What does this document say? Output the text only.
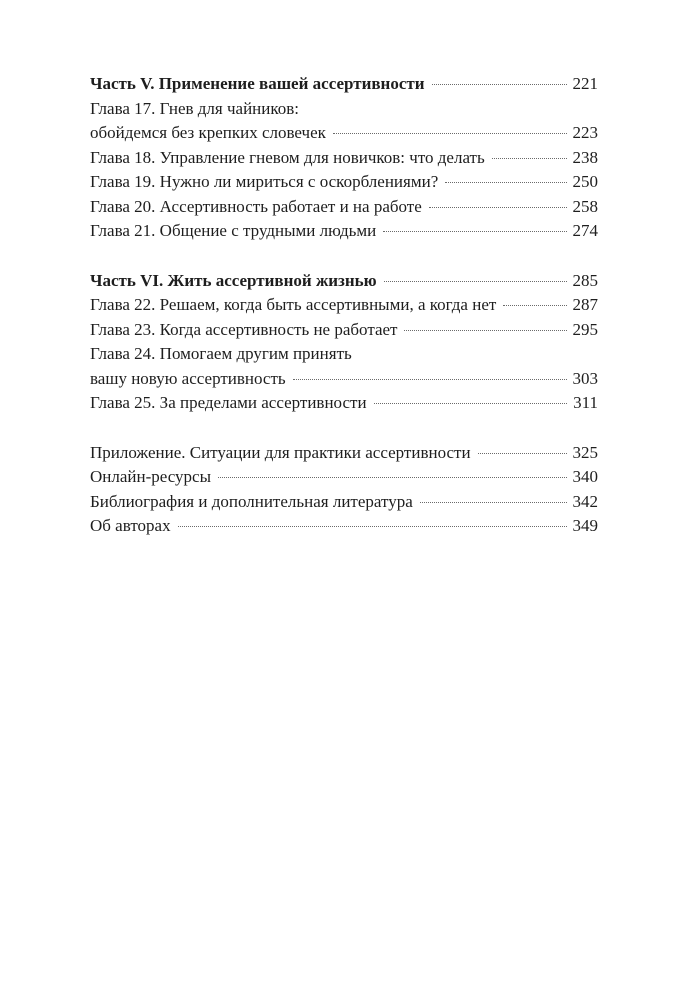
Часть V. Применение вашей ассертивности	221
Глава 17. Гнев для чайников:
обойдемся без крепких словечек	223
Глава 18. Управление гневом для новичков: что делать	238
Глава 19. Нужно ли мириться с оскорблениями?	250
Глава 20. Ассертивность работает и на работе	258
Глава 21. Общение с трудными людьми	274
Часть VI. Жить ассертивной жизнью	285
Глава 22. Решаем, когда быть ассертивными, а когда нет	287
Глава 23. Когда ассертивность не работает	295
Глава 24. Помогаем другим принять
вашу новую ассертивность	303
Глава 25. За пределами ассертивности	311
Приложение. Ситуации для практики ассертивности	325
Онлайн-ресурсы	340
Библиография и дополнительная литература	342
Об авторах	349
